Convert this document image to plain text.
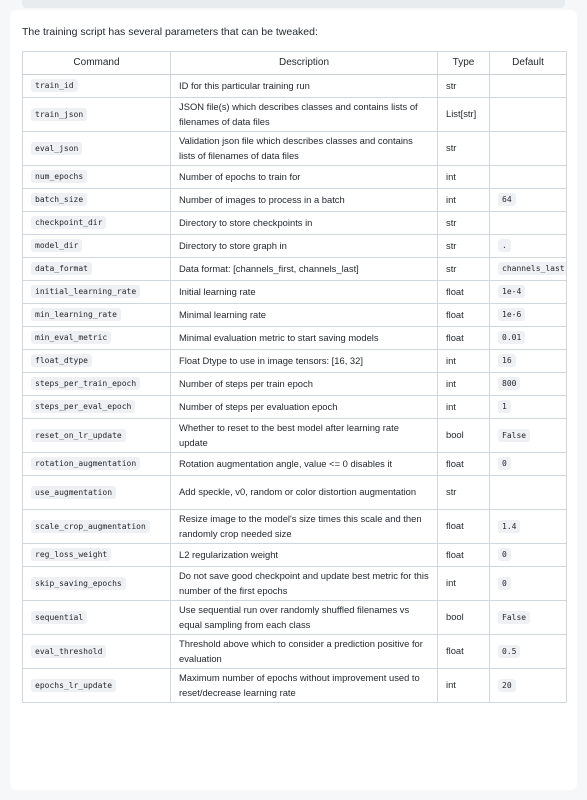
The training script has several parameters that can be tweaked:

Command	Description	Type	Default
train_id	ID for this particular training run	str	
train_json	JSON file(s) which describes classes and contains lists of filenames of data files	List[str]	
eval_json	Validation json file which describes classes and contains lists of filenames of data files	str	
num_epochs	Number of epochs to train for	int	
batch_size	Number of images to process in a batch	int	64
checkpoint_dir	Directory to store checkpoints in	str	
model_dir	Directory to store graph in	str	.
data_format	Data format: [channels_first, channels_last]	str	channels_last
initial_learning_rate	Initial learning rate	float	1e-4
min_learning_rate	Minimal learning rate	float	1e-6
min_eval_metric	Minimal evaluation metric to start saving models	float	0.01
float_dtype	Float Dtype to use in image tensors: [16, 32]	int	16
steps_per_train_epoch	Number of steps per train epoch	int	800
steps_per_eval_epoch	Number of steps per evaluation epoch	int	1
reset_on_lr_update	Whether to reset to the best model after learning rate update	bool	False
rotation_augmentation	Rotation augmentation angle, value <= 0 disables it	float	0
use_augmentation	Add speckle, v0, random or color distortion augmentation	str	
scale_crop_augmentation	Resize image to the model's size times this scale and then randomly crop needed size	float	1.4
reg_loss_weight	L2 regularization weight	float	0
skip_saving_epochs	Do not save good checkpoint and update best metric for this number of the first epochs	int	0
sequential	Use sequential run over randomly shuffled filenames vs equal sampling from each class	bool	False
eval_threshold	Threshold above which to consider a prediction positive for evaluation	float	0.5
epochs_lr_update	Maximum number of epochs without improvement used to reset/decrease learning rate	int	20
